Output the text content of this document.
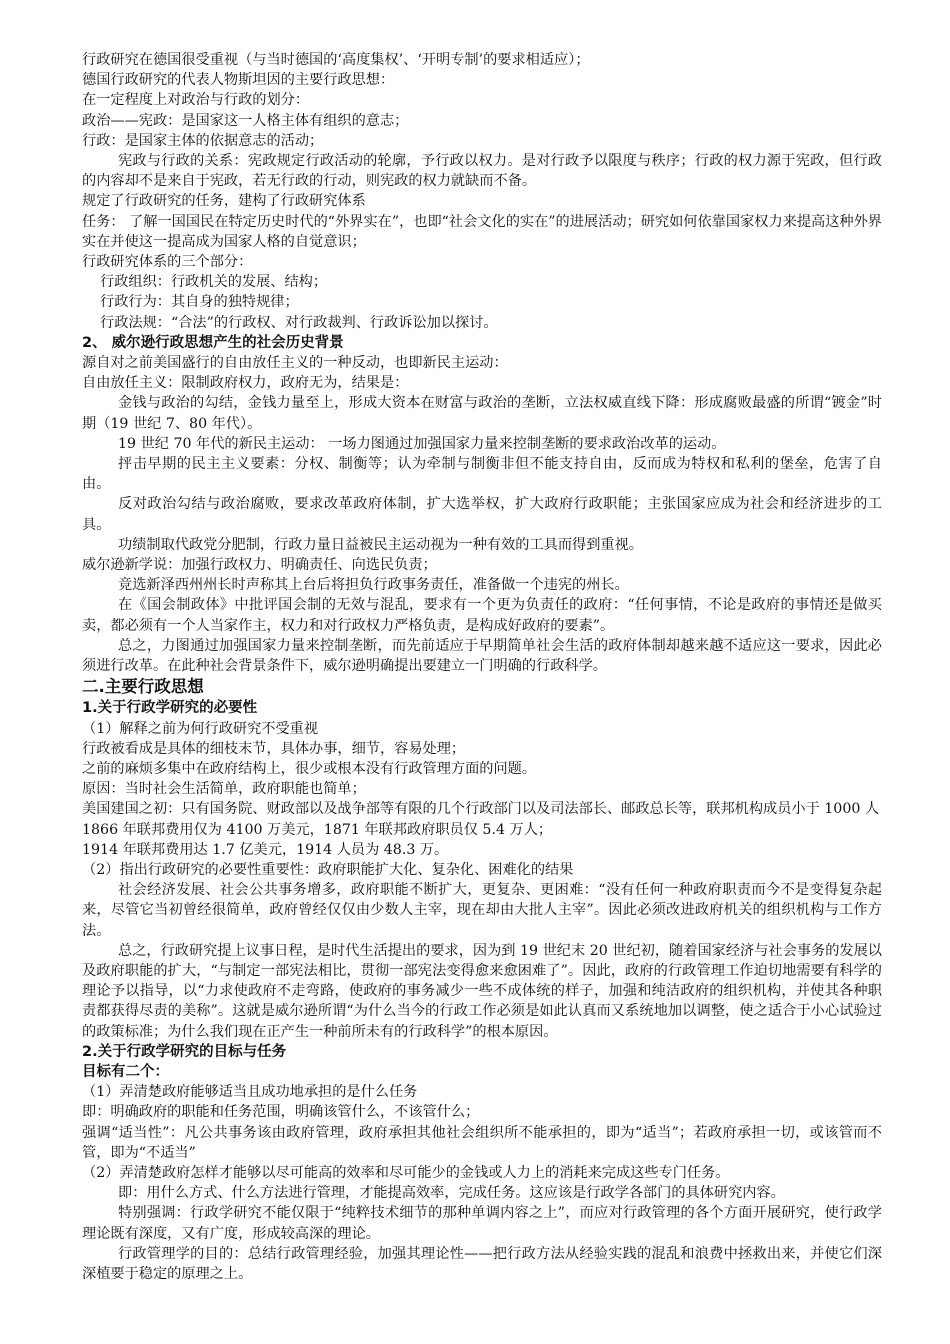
行政研究在德国很受重视（与当时德国的‘高度集权’、‘开明专制’的要求相适应）；
德国行政研究的代表人物斯坦因的主要行政思想：
在一定程度上对政治与行政的划分：
政治——宪政：是国家这一人格主体有组织的意志；
行政：是国家主体的依据意志的活动；
宪政与行政的关系：宪政规定行政活动的轮廓，予行政以权力。是对行政予以限度与秩序；行政的权力源于宪政，但行政的内容却不是来自于宪政，若无行政的行动，则宪政的权力就缺而不备。
规定了行政研究的任务，建构了行政研究体系
任务： 了解一国国民在特定历史时代的“外界实在”，也即“社会文化的实在”的进展活动；研究如何依靠国家权力来提高这种外界实在并使这一提高成为国家人格的自觉意识；
行政研究体系的三个部分：
行政组织：行政机关的发展、结构；
行政行为：其自身的独特规律；
行政法规：“合法”的行政权、对行政裁判、行政诉讼加以探讨。
2、 威尔逊行政思想产生的社会历史背景
源自对之前美国盛行的自由放任主义的一种反动，也即新民主运动：
自由放任主义：限制政府权力，政府无为，结果是：
金钱与政治的勾结，金钱力量至上，形成大资本在财富与政治的垄断，立法权威直线下降：形成腐败最盛的所谓“镀金”时期（19 世纪 7、80 年代）。
19 世纪 70 年代的新民主运动： 一场力图通过加强国家力量来控制垄断的要求政治改革的运动。
抨击早期的民主主义要素：分权、制衡等；认为牵制与制衡非但不能支持自由，反而成为特权和私利的堡垒，危害了自由。
反对政治勾结与政治腐败，要求改革政府体制，扩大选举权，扩大政府行政职能；主张国家应成为社会和经济进步的工具。
功绩制取代政党分肥制，行政力量日益被民主运动视为一种有效的工具而得到重视。
威尔逊新学说：加强行政权力、明确责任、向选民负责；
竞选新泽西州州长时声称其上台后将担负行政事务责任，准备做一个违宪的州长。
在《国会制政体》中批评国会制的无效与混乱，要求有一个更为负责任的政府：“任何事情，不论是政府的事情还是做买卖，都必须有一个人当家作主，权力和对行政权力严格负责，是构成好政府的要素”。
总之，力图通过加强国家力量来控制垄断，而先前适应于早期简单社会生活的政府体制却越来越不适应这一要求，因此必须进行改革。在此种社会背景条件下，威尔逊明确提出要建立一门明确的行政科学。
二.主要行政思想
1.关于行政学研究的必要性
（1）解释之前为何行政研究不受重视
行政被看成是具体的细枝末节，具体办事，细节，容易处理；
之前的麻烦多集中在政府结构上，很少或根本没有行政管理方面的问题。
原因：当时社会生活简单，政府职能也简单；
美国建国之初：只有国务院、财政部以及战争部等有限的几个行政部门以及司法部长、邮政总长等，联邦机构成员小于 1000 人
1866 年联邦费用仅为 4100 万美元，1871 年联邦政府职员仅 5.4 万人；
1914 年联邦费用达 1.7 亿美元，1914 人员为 48.3 万。
（2）指出行政研究的必要性重要性：政府职能扩大化、复杂化、困难化的结果
社会经济发展、社会公共事务增多，政府职能不断扩大，更复杂、更困难：“没有任何一种政府职责而今不是变得复杂起来，尽管它当初曾经很简单，政府曾经仅仅由少数人主宰，现在却由大批人主宰”。因此必须改进政府机关的组织机构与工作方法。
总之，行政研究提上议事日程，是时代生活提出的要求，因为到 19 世纪末 20 世纪初，随着国家经济与社会事务的发展以及政府职能的扩大，“与制定一部宪法相比，贯彻一部宪法变得愈来愈困难了”。因此，政府的行政管理工作迫切地需要有科学的理论予以指导，以“力求使政府不走弯路，使政府的事务减少一些不成体统的样子，加强和纯洁政府的组织机构，并使其各种职责都获得尽责的美称”。这就是威尔逊所谓“为什么当今的行政工作必须是如此认真而又系统地加以调整，使之适合于小心试验过的政策标准；为什么我们现在正产生一种前所未有的行政科学”的根本原因。
2.关于行政学研究的目标与任务
目标有二个：
（1）弄清楚政府能够适当且成功地承担的是什么任务
即：明确政府的职能和任务范围，明确该管什么，不该管什么；
强调“适当性”：凡公共事务该由政府管理，政府承担其他社会组织所不能承担的，即为“适当”；若政府承担一切，或该管而不管，即为“不适当”
（2）弄清楚政府怎样才能够以尽可能高的效率和尽可能少的金钱或人力上的消耗来完成这些专门任务。
即：用什么方式、什么方法进行管理，才能提高效率，完成任务。这应该是行政学各部门的具体研究内容。
特别强调：行政学研究不能仅限于“纯粹技术细节的那种单调内容之上”，而应对行政管理的各个方面开展研究，使行政学理论既有深度，又有广度，形成较高深的理论。
行政管理学的目的：总结行政管理经验，加强其理论性——把行政方法从经验实践的混乱和浪费中拯救出来，并使它们深深植要于稳定的原理之上。
